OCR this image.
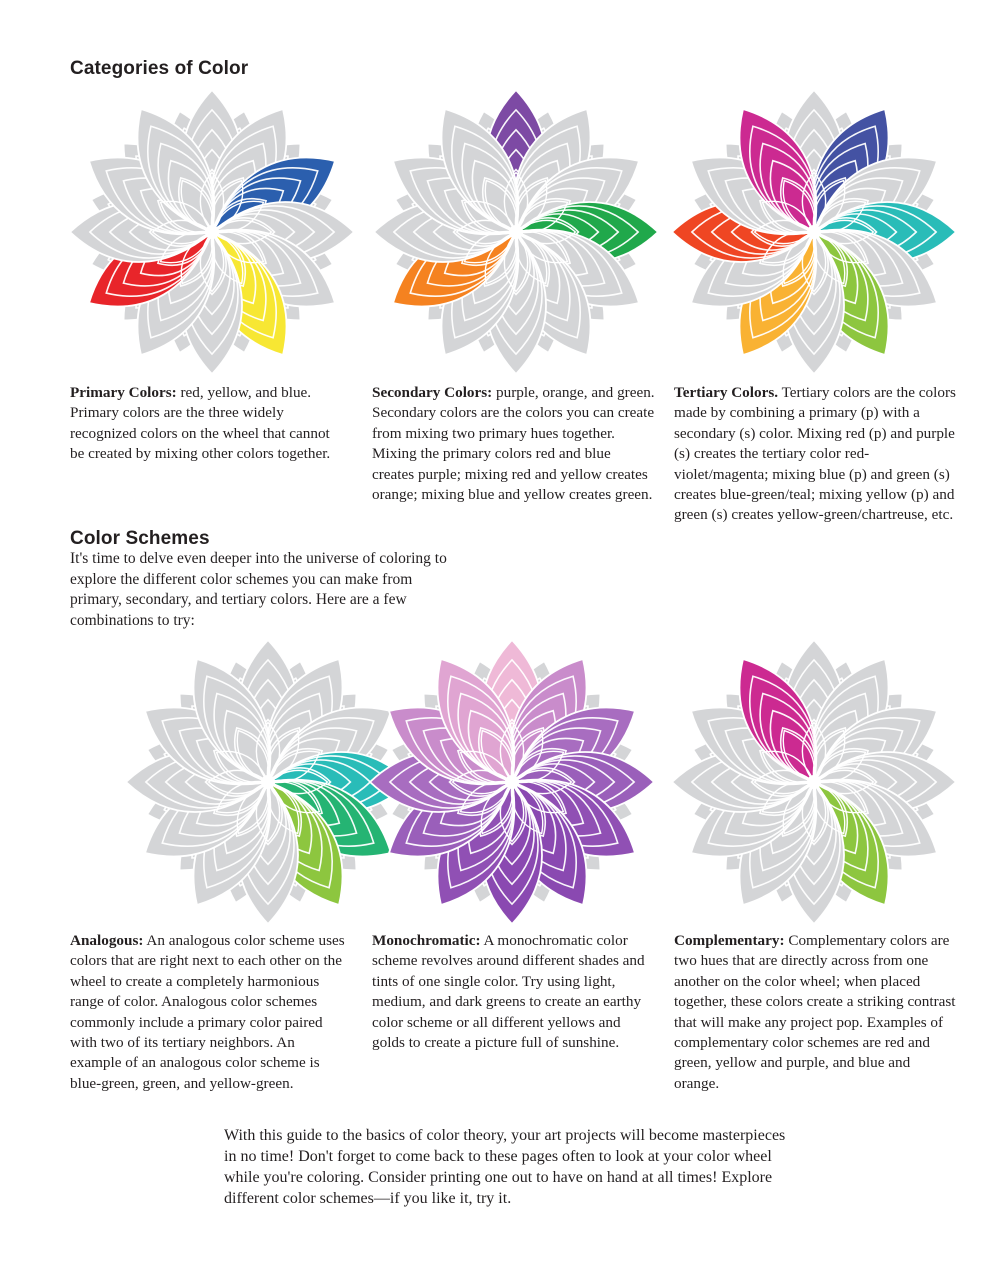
Categories of Color
Primary Colors: red, yellow, and blue. Primary colors are the three widely recognized colors on the wheel that cannot be created by mixing other colors together.
Secondary Colors: purple, orange, and green. Secondary colors are the colors you can create from mixing two primary hues together. Mixing the primary colors red and blue creates purple; mixing red and yellow creates orange; mixing blue and yellow creates green.
Tertiary Colors. Tertiary colors are the colors made by combining a primary (p) with a secondary (s) color. Mixing red (p) and purple (s) creates the tertiary color red-violet/magenta; mixing blue (p) and green (s) creates blue-green/teal; mixing yellow (p) and green (s) creates yellow-green/chartreuse, etc.
Color Schemes
It's time to delve even deeper into the universe of coloring to explore the different color schemes you can make from primary, secondary, and tertiary colors. Here are a few combinations to try:
Analogous: An analogous color scheme uses colors that are right next to each other on the wheel to create a completely harmonious range of color. Analogous color schemes commonly include a primary color paired with two of its tertiary neighbors. An example of an analogous color scheme is blue-green, green, and yellow-green.
Monochromatic: A monochromatic color scheme revolves around different shades and tints of one single color. Try using light, medium, and dark greens to create an earthy color scheme or all different yellows and golds to create a picture full of sunshine.
Complementary: Complementary colors are two hues that are directly across from one another on the color wheel; when placed together, these colors create a striking contrast that will make any project pop. Examples of complementary color schemes are red and green, yellow and purple, and blue and orange.
With this guide to the basics of color theory, your art projects will become masterpieces in no time! Don't forget to come back to these pages often to look at your color wheel while you're coloring. Consider printing one out to have on hand at all times! Explore different color schemes—if you like it, try it.
